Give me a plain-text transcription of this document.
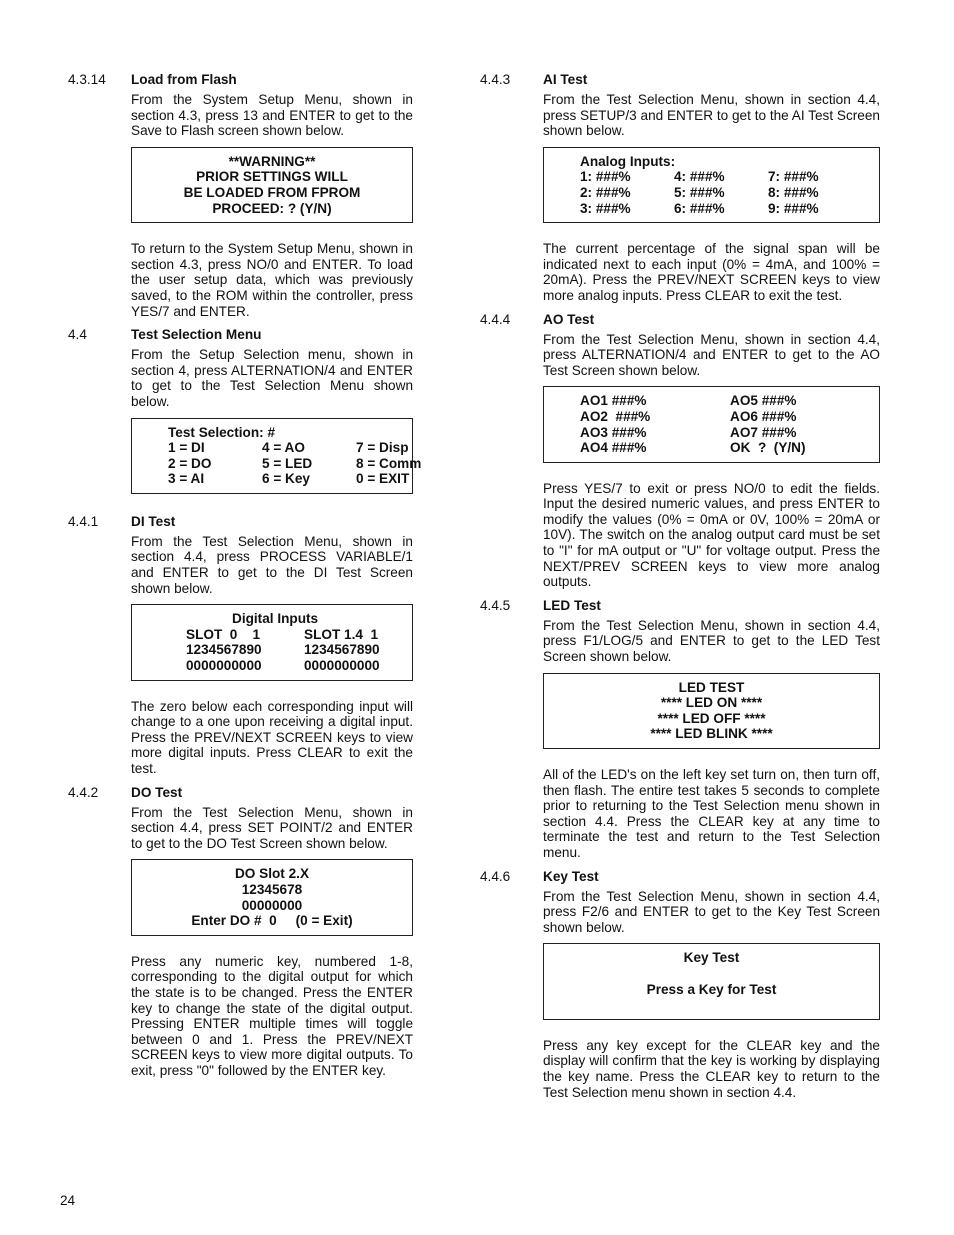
4.3.14	Load from Flash
From the System Setup Menu, shown in section 4.3, press 13 and ENTER to get to the Save to Flash screen shown below.
**WARNING**
PRIOR SETTINGS WILL
BE LOADED FROM FPROM
PROCEED: ? (Y/N)
To return to the System Setup Menu, shown in section 4.3, press NO/0 and ENTER. To load the user setup data, which was previously saved, to the ROM within the controller, press YES/7 and ENTER.
4.4	Test Selection Menu
From the Setup Selection menu, shown in section 4, press ALTERNATION/4 and ENTER to get to the Test Selection Menu shown below.
Test Selection: #
1 = DI	4 = AO	7 = Disp
2 = DO	5 = LED	8 = Comm
3 = AI	6 = Key	0 = EXIT
4.4.1	DI Test
From the Test Selection Menu, shown in section 4.4, press PROCESS VARIABLE/1 and ENTER to get to the DI Test Screen shown below.
Digital Inputs
SLOT  0    1	SLOT 1.4  1
1234567890	1234567890
0000000000	0000000000
The zero below each corresponding input will change to a one upon receiving a digital input. Press the PREV/NEXT SCREEN keys to view more digital inputs. Press CLEAR to exit the test.
4.4.2	DO Test
From the Test Selection Menu, shown in section 4.4, press SET POINT/2 and ENTER to get to the DO Test Screen shown below.
DO Slot 2.X
12345678
00000000
Enter DO #  0     (0 = Exit)
Press any numeric key, numbered 1-8, corresponding to the digital output for which the state is to be changed. Press the ENTER key to change the state of the digital output. Pressing ENTER multiple times will toggle between 0 and 1. Press the PREV/NEXT SCREEN keys to view more digital outputs. To exit, press "0" followed by the ENTER key.
4.4.3	AI Test
From the Test Selection Menu, shown in section 4.4, press SETUP/3 and ENTER to get to the AI Test Screen shown below.
Analog Inputs:
1: ###%	4: ###%	7: ###%
2: ###%	5: ###%	8: ###%
3: ###%	6: ###%	9: ###%
The current percentage of the signal span will be indicated next to each input (0% = 4mA, and 100% = 20mA). Press the PREV/NEXT SCREEN keys to view more analog inputs. Press CLEAR to exit the test.
4.4.4	AO Test
From the Test Selection Menu, shown in section 4.4, press ALTERNATION/4 and ENTER to get to the AO Test Screen shown below.
AO1 ###%	AO5 ###%
AO2  ###%	AO6 ###%
AO3 ###%	AO7 ###%
AO4 ###%	OK  ?  (Y/N)
Press YES/7 to exit or press NO/0 to edit the fields. Input the desired numeric values, and press ENTER to modify the values (0% = 0mA or 0V, 100% = 20mA or 10V). The switch on the analog output card must be set to "I" for mA output or "U" for voltage output. Press the NEXT/PREV SCREEN keys to view more analog outputs.
4.4.5	LED Test
From the Test Selection Menu, shown in section 4.4, press F1/LOG/5 and ENTER to get to the LED Test Screen shown below.
LED TEST
**** LED ON ****
**** LED OFF ****
**** LED BLINK ****
All of the LED's on the left key set turn on, then turn off, then flash. The entire test takes 5 seconds to complete prior to returning to the Test Selection menu shown in section 4.4. Press the CLEAR key at any time to terminate the test and return to the Test Selection menu.
4.4.6	Key Test
From the Test Selection Menu, shown in section 4.4, press F2/6 and ENTER to get to the Key Test Screen shown below.
Key Test
Press a Key for Test
Press any key except for the CLEAR key and the display will confirm that the key is working by displaying the key name. Press the CLEAR key to return to the Test Selection menu shown in section 4.4.
24
